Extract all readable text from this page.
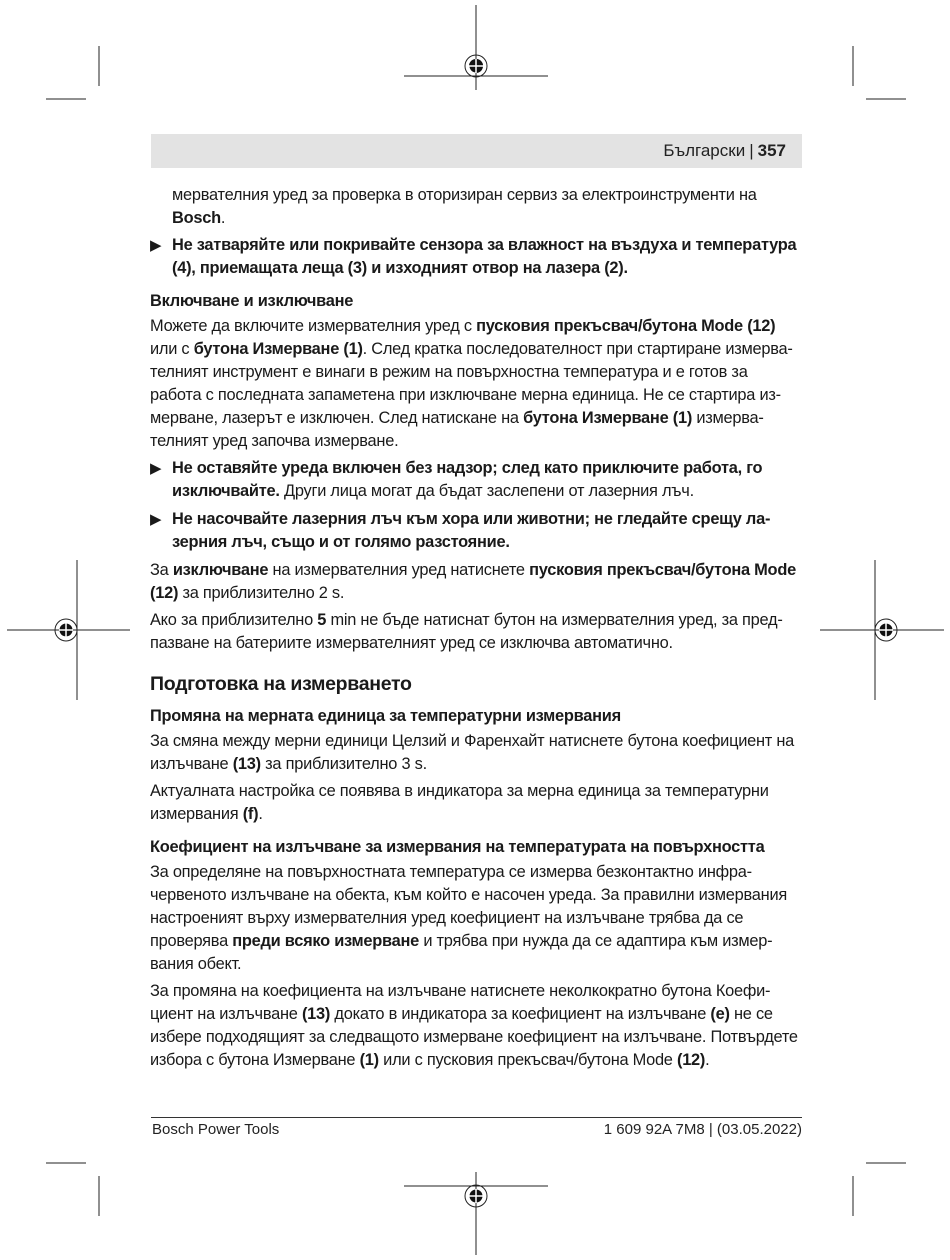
Български | 357

мервателния уред за проверка в оторизиран сервиз за електроинструменти на Bosch.

▶ Не затваряйте или покривайте сензора за влажност на въздуха и температура (4), приемащата леща (3) и изходният отвор на лазера (2).
Включване и изключване

Можете да включите измервателния уред с пусковия прекъсвач/бутона Mode (12) или с бутона Измерване (1). След кратка последователност при стартиране измервателният инструмент е винаги в режим на повърхностна температура и е готов за работа с последната запаметена при изключване мерна единица. Не се стартира измерване, лазерът е изключен. След натискане на бутона Измерване (1) измервателният уред започва измерване.

▶ Не оставяйте уреда включен без надзор; след като приключите работа, го изключвайте. Други лица могат да бъдат заслепени от лазерния лъч.
▶ Не насочвайте лазерния лъч към хора или животни; не гледайте срещу лазерния лъч, също и от голямо разстояние.

За изключване на измервателния уред натиснете пусковия прекъсвач/бутона Mode (12) за приблизително 2 s.

Ако за приблизително 5 min не бъде натиснат бутон на измервателния уред, за предпазване на батериите измервателният уред се изключва автоматично.

Подготовка на измерването
Промяна на мерната единица за температурни измервания

За смяна между мерни единици Целзий и Фаренхайт натиснете бутона коефициент на излъчване (13) за приблизително 3 s.

Актуалната настройка се появява в индикатора за мерна единица за температурни измервания (f).

Коефициент на излъчване за измервания на температурата на повърхността

За определяне на повърхностната температура се измерва безконтактно инфрачервеното излъчване на обекта, към който е насочен уреда. За правилни измервания настроеният върху измервателния уред коефициент на излъчване трябва да се проверява преди всяко измерване и трябва при нужда да се адаптира към измервания обект.

За промяна на коефициента на излъчване натиснете неколкократно бутона Коефициент на излъчване (13) докато в индикатора за коефициент на излъчване (e) не се избере подходящият за следващото измерване коефициент на излъчване. Потвърдете избора с бутона Измерване (1) или с пусковия прекъсвач/бутона Mode (12).

Bosch Power Tools	1 609 92A 7M8 | (03.05.2022)
